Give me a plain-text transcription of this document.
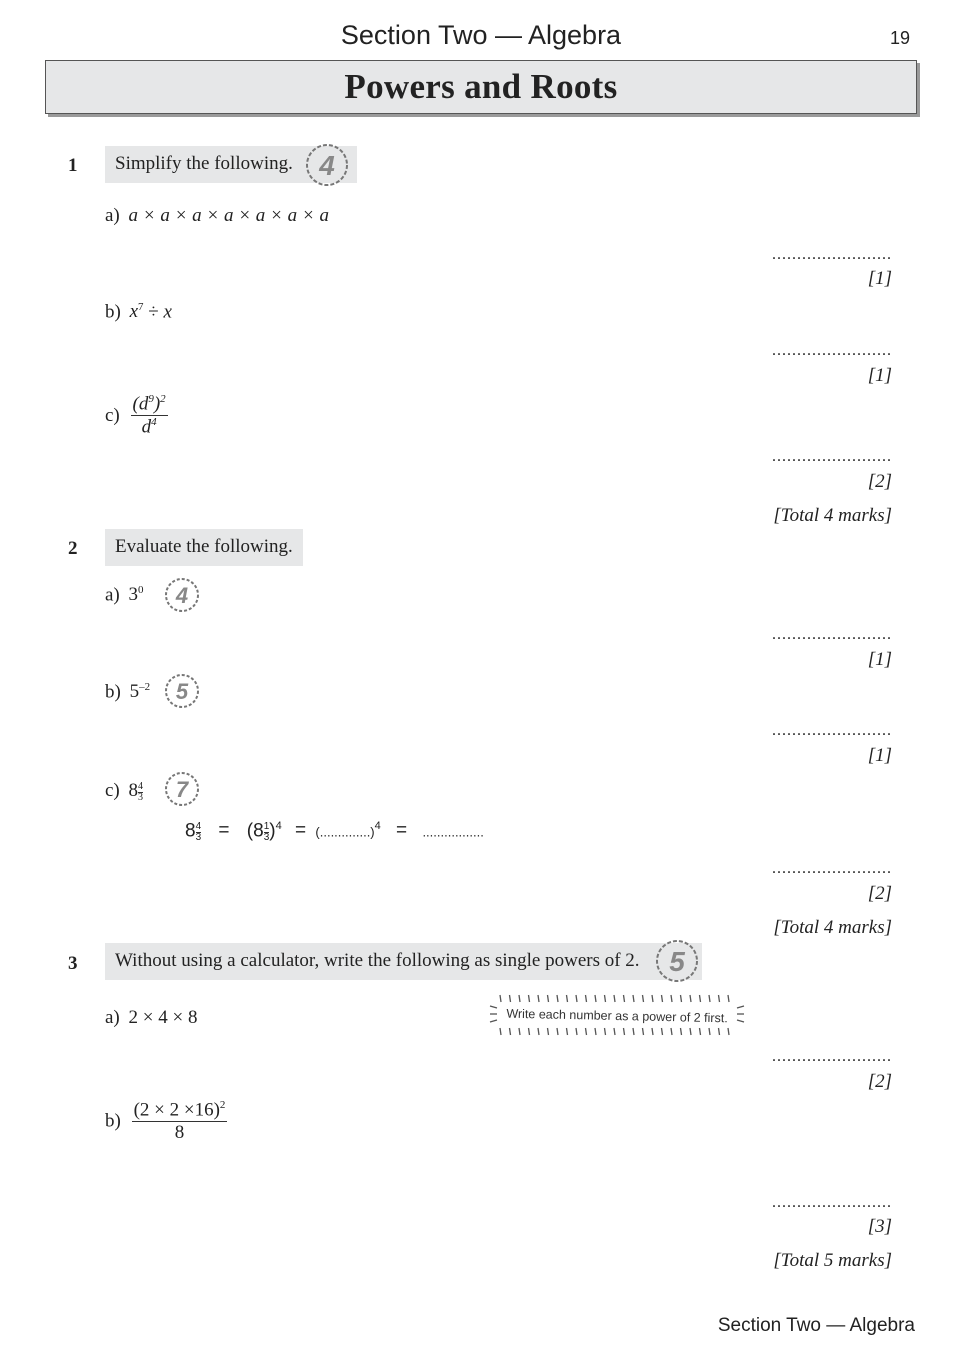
Section Two — Algebra	19
Powers and Roots
1	Simplify the following. 4
a) a × a × a × a × a × a × a
........................
[1]
b) $x^7 \div x$
........................
[1]
$c) \frac{(d^9)^2}{d^4}$
........................
[2]
[Total 4 marks]
2	Evaluate the following.
a) $3^0$ 4
........................
[1]
b) $5^{-2}$ 5
........................
[1]
c) $8 \frac{4}{3} 7$
$8 \frac{4}{3} = (8 \frac{1}{3} )^4 = (..............)^4$ = .................
........................
[2]
[Total 4 marks]
3	Without using a calculator, write the following as single powers of 2.	5
a) 2 × 4 × 8	Write each number as a power of 2 first.
........................
[2]
$b) \frac{(2 \times 2 \times 16)^2}{8}$
........................
[3]
[Total 5 marks]
Section Two — Algebra
